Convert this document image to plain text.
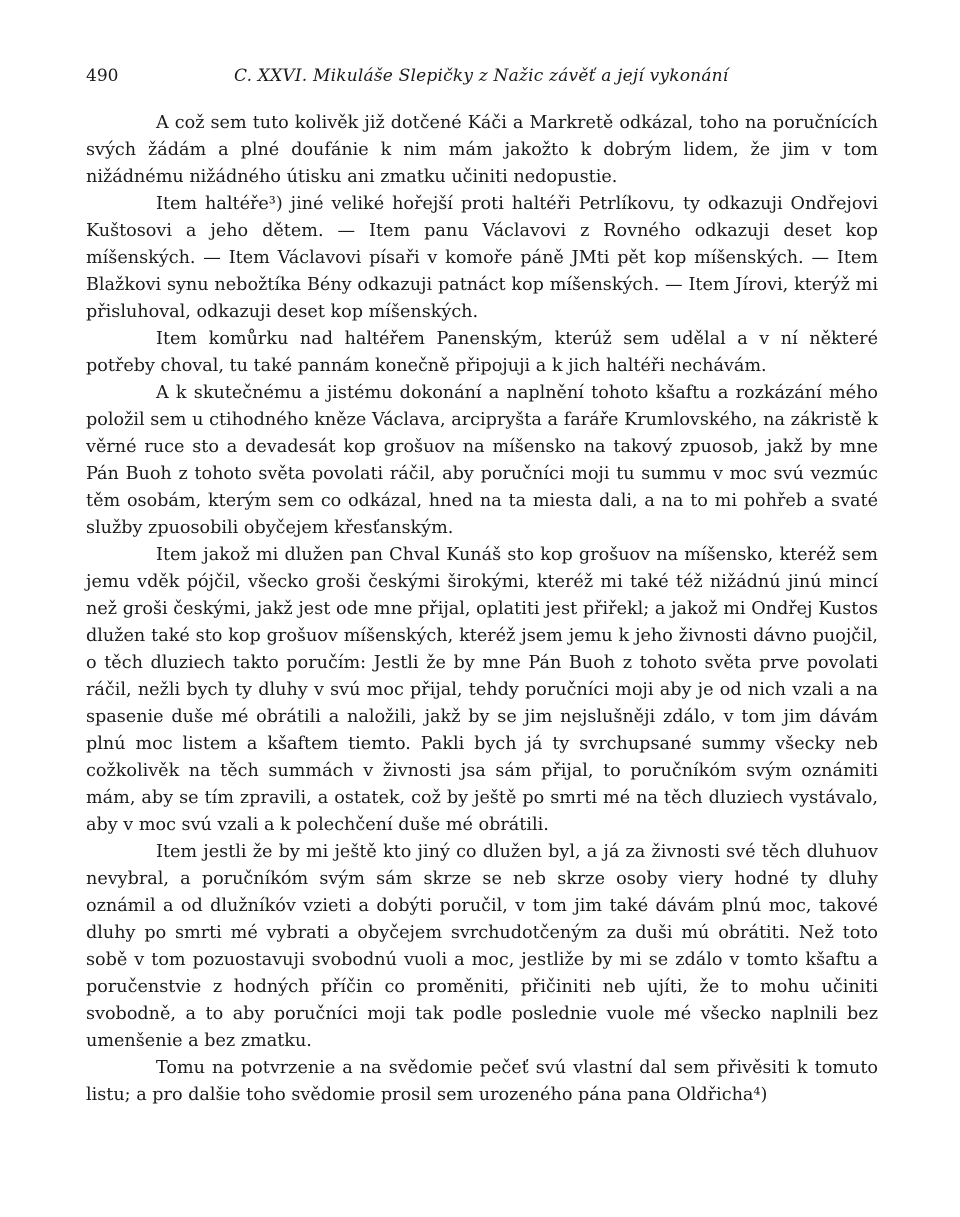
490	C. XXVI. Mikuláše Slepičky z Nažic závěť a její vykonání

A což sem tuto kolivěk již dotčené Káči a Markretě odkázal, toho na poručnících svých žádám a plné doufánie k nim mám jakožto k dobrým lidem, že jim v tom nižádnému nižádného útisku ani zmatku učiniti nedopustie.

Item haltéře³) jiné veliké hořejší proti haltéři Petrlíkovu, ty odkazuji Ondřejovi Kuštosovi a jeho dětem. — Item panu Václavovi z Rovného odkazuji deset kop míšenských. — Item Václavovi písaři v komoře páně JMti pět kop míšenských. — Item Blažkovi synu nebožtíka Bény odkazuji patnáct kop míšenských. — Item Jírovi, kterýž mi přisluhoval, odkazuji deset kop míšenských.

Item komůrku nad haltéřem Panenským, kterúž sem udělal a v ní některé potřeby choval, tu také pannám konečně připojuji a k jich haltéři nechávám.

A k skutečnému a jistému dokonání a naplnění tohoto kšaftu a rozkázání mého položil sem u ctihodného kněze Václava, arcipryšta a faráře Krumlovského, na zákristě k věrné ruce sto a devadesát kop grošuov na míšensko na takový zpuosob, jakž by mne Pán Buoh z tohoto světa povolati ráčil, aby poručníci moji tu summu v moc svú vezmúc těm osobám, kterým sem co odkázal, hned na ta miesta dali, a na to mi pohřeb a svaté služby zpuosobili obyčejem křesťanským.

Item jakož mi dlužen pan Chval Kunáš sto kop grošuov na míšensko, kteréž sem jemu vděk pójčil, všecko groši českými širokými, kteréž mi také též nižádnú jinú mincí než groši českými, jakž jest ode mne přijal, oplatiti jest přiřekl; a jakož mi Ondřej Kustos dlužen také sto kop grošuov míšenských, kteréž jsem jemu k jeho živnosti dávno puojčil, o těch dluziech takto poručím: Jestli že by mne Pán Buoh z tohoto světa prve povolati ráčil, nežli bych ty dluhy v svú moc přijal, tehdy poručníci moji aby je od nich vzali a na spasenie duše mé obrátili a naložili, jakž by se jim nejslušněji zdálo, v tom jim dávám plnú moc listem a kšaftem tiemto. Pakli bych já ty svrchupsané summy všecky neb cožkolivěk na těch summách v živnosti jsa sám přijal, to poručníkóm svým oznámiti mám, aby se tím zpravili, a ostatek, což by ještě po smrti mé na těch dluziech vystávalo, aby v moc svú vzali a k polechčení duše mé obrátili.

Item jestli že by mi ještě kto jiný co dlužen byl, a já za živnosti své těch dluhuov nevybral, a poručníkóm svým sám skrze se neb skrze osoby viery hodné ty dluhy oznámil a od dlužníkóv vzieti a dobýti poručil, v tom jim také dávám plnú moc, takové dluhy po smrti mé vybrati a obyčejem svrchudotčeným za duši mú obrátiti. Než toto sobě v tom pozuostavuji svobodnú vuoli a moc, jestliže by mi se zdálo v tomto kšaftu a poručenstvie z hodných příčin co proměniti, přičiniti neb ujíti, že to mohu učiniti svobodně, a to aby poručníci moji tak podle poslednie vuole mé všecko naplnili bez umenšenie a bez zmatku.

Tomu na potvrzenie a na svědomie pečeť svú vlastní dal sem přivěsiti k tomuto listu; a pro dalšie toho svědomie prosil sem urozeného pána pana Oldřicha⁴)
